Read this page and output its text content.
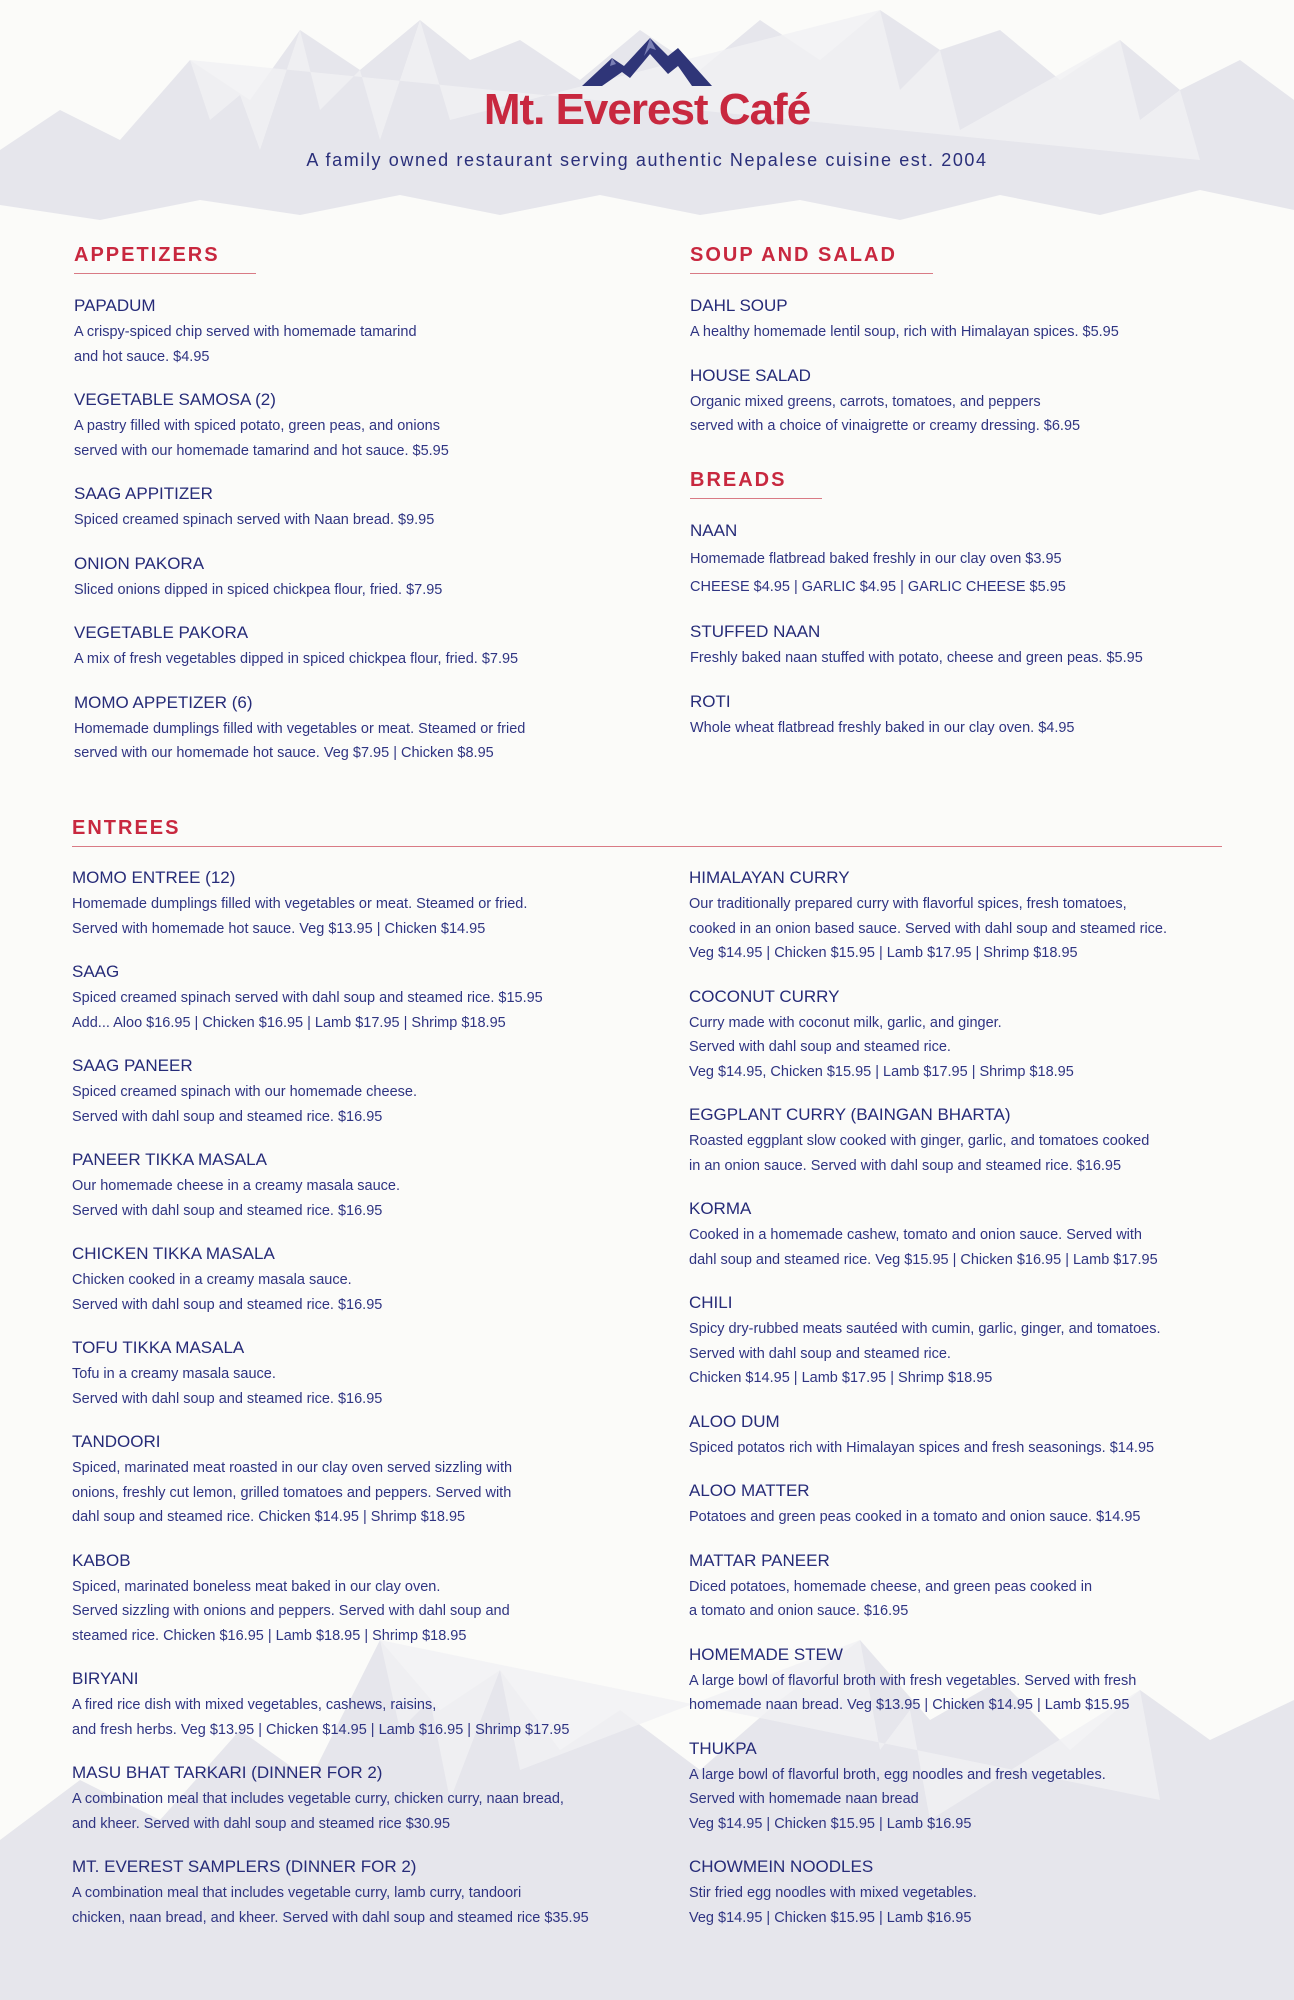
Mt. Everest Café
A family owned restaurant serving authentic Nepalese cuisine est. 2004
APPETIZERS
PAPADUM
A crispy-spiced chip served with homemade tamarind
and hot sauce. $4.95
VEGETABLE SAMOSA (2)
A pastry filled with spiced potato, green peas, and onions
served with our homemade tamarind and hot sauce. $5.95
SAAG APPITIZER
Spiced creamed spinach served with Naan bread. $9.95
ONION PAKORA
Sliced onions dipped in spiced chickpea flour, fried. $7.95
VEGETABLE PAKORA
A mix of fresh vegetables dipped in spiced chickpea flour, fried. $7.95
MOMO APPETIZER (6)
Homemade dumplings filled with vegetables or meat. Steamed or fried
served with our homemade hot sauce. Veg $7.95 | Chicken $8.95
SOUP AND SALAD
DAHL SOUP
A healthy homemade lentil soup, rich with Himalayan spices. $5.95
HOUSE SALAD
Organic mixed greens, carrots, tomatoes, and peppers
served with a choice of vinaigrette or creamy dressing. $6.95
BREADS
NAAN
Homemade flatbread baked freshly in our clay oven $3.95
CHEESE $4.95 | GARLIC $4.95 | GARLIC CHEESE $5.95
STUFFED NAAN
Freshly baked naan stuffed with potato, cheese and green peas. $5.95
ROTI
Whole wheat flatbread freshly baked in our clay oven. $4.95
ENTREES
MOMO ENTREE (12)
Homemade dumplings filled with vegetables or meat. Steamed or fried.
Served with homemade hot sauce. Veg $13.95 | Chicken $14.95
SAAG
Spiced creamed spinach served with dahl soup and steamed rice. $15.95
Add... Aloo $16.95 | Chicken $16.95 | Lamb $17.95 | Shrimp $18.95
SAAG PANEER
Spiced creamed spinach with our homemade cheese.
Served with dahl soup and steamed rice. $16.95
PANEER TIKKA MASALA
Our homemade cheese in a creamy masala sauce.
Served with dahl soup and steamed rice. $16.95
CHICKEN TIKKA MASALA
Chicken cooked in a creamy masala sauce.
Served with dahl soup and steamed rice. $16.95
TOFU TIKKA MASALA
Tofu in a creamy masala sauce.
Served with dahl soup and steamed rice. $16.95
TANDOORI
Spiced, marinated meat roasted in our clay oven served sizzling with
onions, freshly cut lemon, grilled tomatoes and peppers. Served with
dahl soup and steamed rice. Chicken $14.95 | Shrimp $18.95
KABOB
Spiced, marinated boneless meat baked in our clay oven.
Served sizzling with onions and peppers. Served with dahl soup and
steamed rice. Chicken $16.95 | Lamb $18.95 | Shrimp $18.95
BIRYANI
A fired rice dish with mixed vegetables, cashews, raisins,
and fresh herbs. Veg $13.95 | Chicken $14.95 | Lamb $16.95 | Shrimp $17.95
MASU BHAT TARKARI (DINNER FOR 2)
A combination meal that includes vegetable curry, chicken curry, naan bread,
and kheer. Served with dahl soup and steamed rice $30.95
MT. EVEREST SAMPLERS (DINNER FOR 2)
A combination meal that includes vegetable curry, lamb curry, tandoori
chicken, naan bread, and kheer. Served with dahl soup and steamed rice $35.95
HIMALAYAN CURRY
Our traditionally prepared curry with flavorful spices, fresh tomatoes,
cooked in an onion based sauce. Served with dahl soup and steamed rice.
Veg $14.95 | Chicken $15.95 | Lamb $17.95 | Shrimp $18.95
COCONUT CURRY
Curry made with coconut milk, garlic, and ginger.
Served with dahl soup and steamed rice.
Veg $14.95, Chicken $15.95 | Lamb $17.95 | Shrimp $18.95
EGGPLANT CURRY (BAINGAN BHARTA)
Roasted eggplant slow cooked with ginger, garlic, and tomatoes cooked
in an onion sauce. Served with dahl soup and steamed rice. $16.95
KORMA
Cooked in a homemade cashew, tomato and onion sauce. Served with
dahl soup and steamed rice. Veg $15.95 | Chicken $16.95 | Lamb $17.95
CHILI
Spicy dry-rubbed meats sautéed with cumin, garlic, ginger, and tomatoes.
Served with dahl soup and steamed rice.
Chicken $14.95 | Lamb $17.95 | Shrimp $18.95
ALOO DUM
Spiced potatos rich with Himalayan spices and fresh seasonings. $14.95
ALOO MATTER
Potatoes and green peas cooked in a tomato and onion sauce. $14.95
MATTAR PANEER
Diced potatoes, homemade cheese, and green peas cooked in
a tomato and onion sauce. $16.95
HOMEMADE STEW
A large bowl of flavorful broth with fresh vegetables. Served with fresh
homemade naan bread. Veg $13.95 | Chicken $14.95 | Lamb $15.95
THUKPA
A large bowl of flavorful broth, egg noodles and fresh vegetables.
Served with homemade naan bread
Veg $14.95 | Chicken $15.95 | Lamb $16.95
CHOWMEIN NOODLES
Stir fried egg noodles with mixed vegetables.
Veg $14.95 | Chicken $15.95 | Lamb $16.95
